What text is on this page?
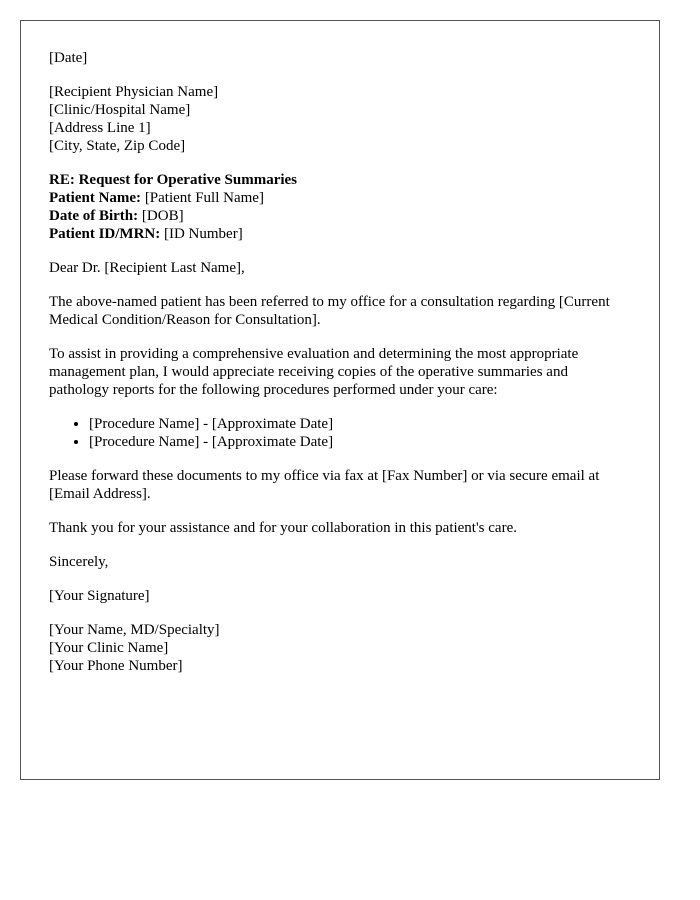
[Date]
[Recipient Physician Name]
[Clinic/Hospital Name]
[Address Line 1]
[City, State, Zip Code]
RE: Request for Operative Summaries
Patient Name: [Patient Full Name]
Date of Birth: [DOB]
Patient ID/MRN: [ID Number]

Dear Dr. [Recipient Last Name],

The above-named patient has been referred to my office for a consultation regarding [Current Medical Condition/Reason for Consultation].

To assist in providing a comprehensive evaluation and determining the most appropriate management plan, I would appreciate receiving copies of the operative summaries and pathology reports for the following procedures performed under your care:

• [Procedure Name] - [Approximate Date]
• [Procedure Name] - [Approximate Date]

Please forward these documents to my office via fax at [Fax Number] or via secure email at [Email Address].

Thank you for your assistance and for your collaboration in this patient's care.

Sincerely,

[Your Signature]

[Your Name, MD/Specialty]
[Your Clinic Name]
[Your Phone Number]
